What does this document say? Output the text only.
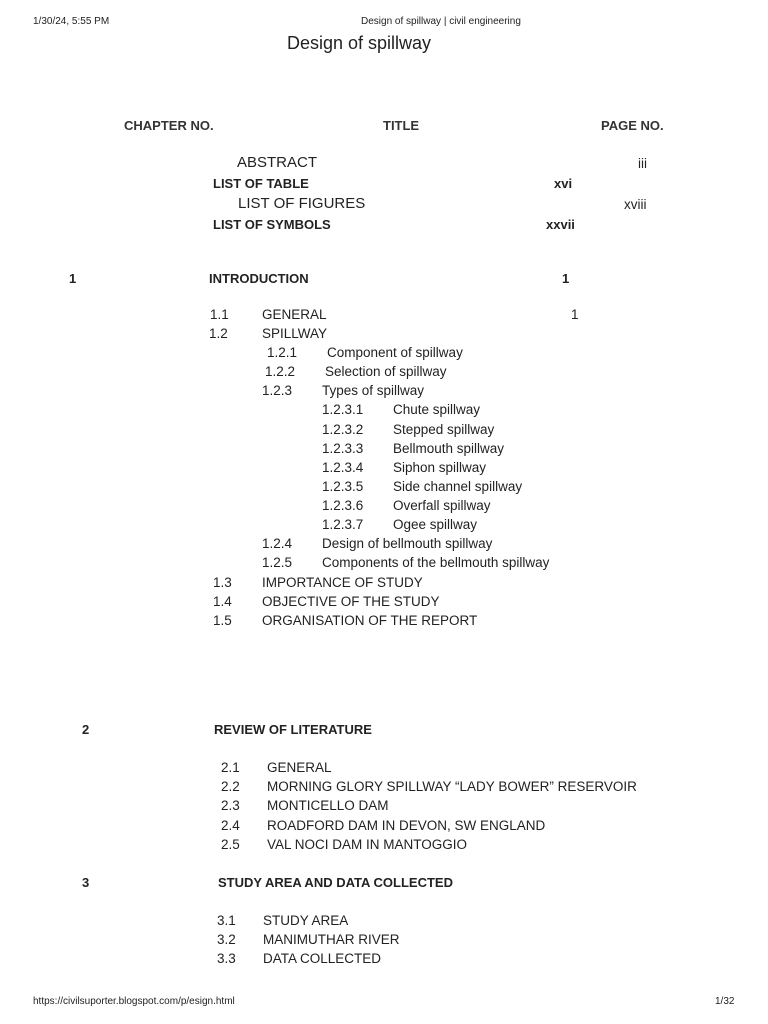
1/30/24, 5:55 PM	Design of spillway | civil engineering
Design of spillway
CHAPTER NO.	TITLE	PAGE NO.
ABSTRACT	iii
LIST OF TABLE	xvi
LIST OF FIGURES	xviii
LIST OF SYMBOLS	xxvii
1	INTRODUCTION	1
1.1 GENERAL	1
1.2	SPILLWAY
1.2.1 Component of spillway
1.2.2 Selection of spillway
1.2.3 Types of spillway
1.2.3.1 Chute spillway
1.2.3.2 Stepped spillway
1.2.3.3 Bellmouth spillway
1.2.3.4 Siphon spillway
1.2.3.5 Side channel spillway
1.2.3.6 Overfall spillway
1.2.3.7 Ogee spillway
1.2.4 Design of bellmouth spillway
1.2.5 Components of the bellmouth spillway
1.3 IMPORTANCE OF STUDY
1.4 OBJECTIVE OF THE STUDY
1.5 ORGANISATION OF THE REPORT
2	REVIEW OF LITERATURE
2.1 GENERAL
2.2 MORNING GLORY SPILLWAY “LADY BOWER” RESERVOIR
2.3 MONTICELLO DAM
2.4 ROADFORD DAM IN DEVON, SW ENGLAND
2.5 VAL NOCI DAM IN MANTOGGIO
3	STUDY AREA AND DATA COLLECTED
3.1 STUDY AREA
3.2 MANIMUTHAR RIVER
3.3 DATA COLLECTED
https://civilsuporter.blogspot.com/p/esign.html	1/32
